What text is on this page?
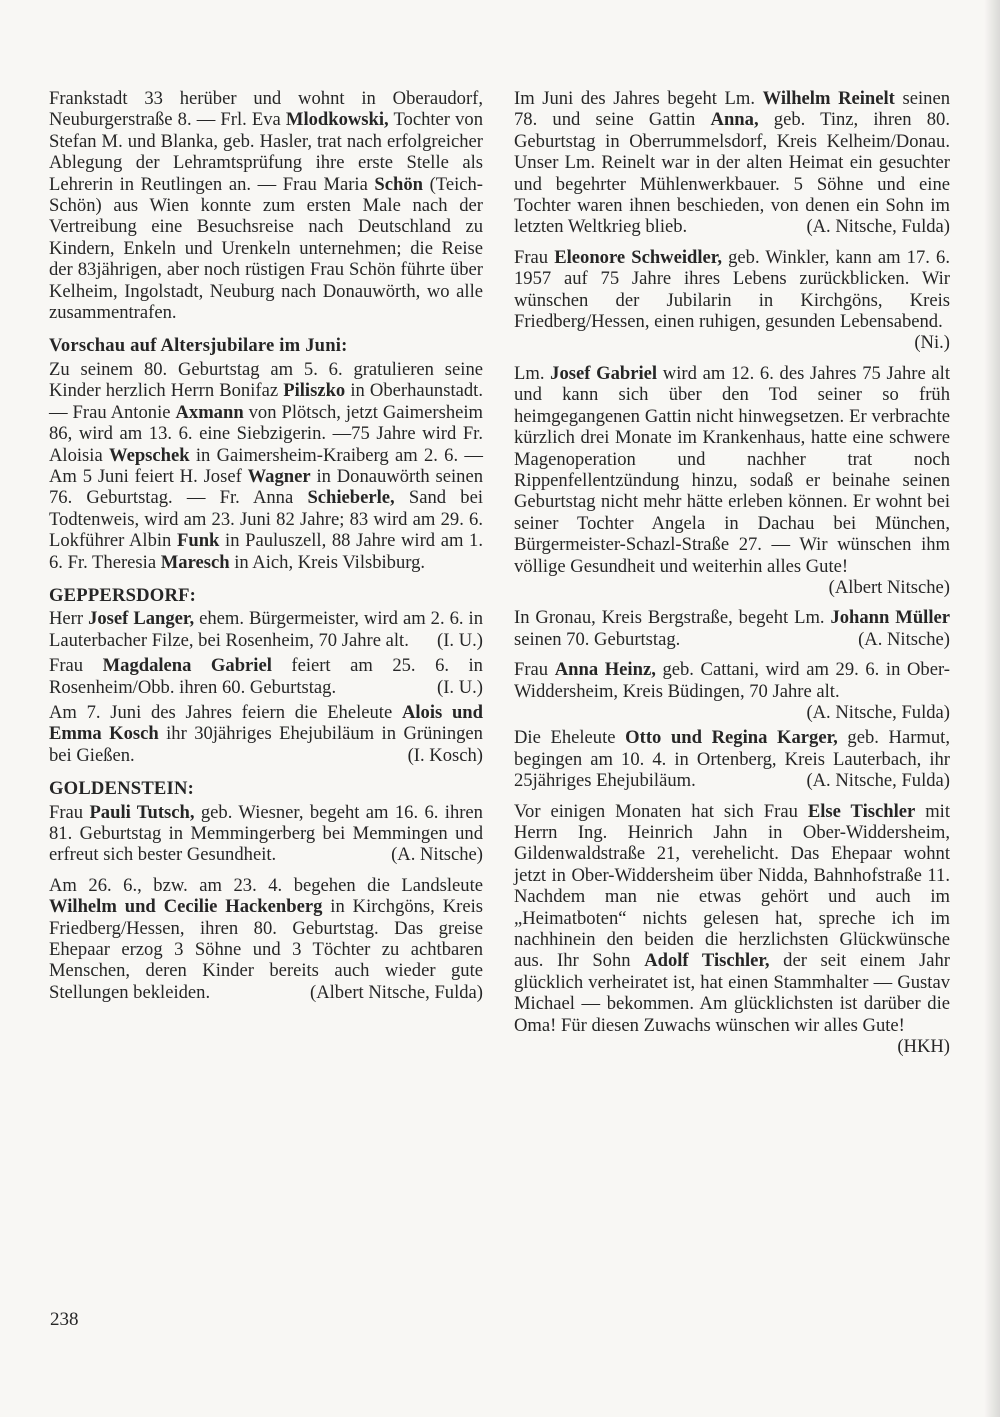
Frankstadt 33 herüber und wohnt in Oberaudorf, Neuburgerstraße 8. — Frl. Eva Mlodkowski, Tochter von Stefan M. und Blanka, geb. Hasler, trat nach erfolgreicher Ablegung der Lehramtsprüfung ihre erste Stelle als Lehrerin in Reutlingen an. — Frau Maria Schön (Teich-Schön) aus Wien konnte zum ersten Male nach der Vertreibung eine Besuchsreise nach Deutschland zu Kindern, Enkeln und Urenkeln unternehmen; die Reise der 83jährigen, aber noch rüstigen Frau Schön führte über Kelheim, Ingolstadt, Neuburg nach Donauwörth, wo alle zusammentrafen.

Vorschau auf Altersjubilare im Juni:

Zu seinem 80. Geburtstag am 5. 6. gratulieren seine Kinder herzlich Herrn Bonifaz Piliszko in Oberhaunstadt. — Frau Antonie Axmann von Plötsch, jetzt Gaimersheim 86, wird am 13. 6. eine Siebzigerin. —75 Jahre wird Fr. Aloisia Wepschek in Gaimersheim-Kraiberg am 2. 6. — Am 5 Juni feiert H. Josef Wagner in Donauwörth seinen 76. Geburtstag. — Fr. Anna Schieberle, Sand bei Todtenweis, wird am 23. Juni 82 Jahre; 83 wird am 29. 6. Lokführer Albin Funk in Pauluszell, 88 Jahre wird am 1. 6. Fr. Theresia Maresch in Aich, Kreis Vilsbiburg.

GEPPERSDORF:

Herr Josef Langer, ehem. Bürgermeister, wird am 2. 6. in Lauterbacher Filze, bei Rosenheim, 70 Jahre alt. (I. U.)

Frau Magdalena Gabriel feiert am 25. 6. in Rosenheim/Obb. ihren 60. Geburtstag.	(I. U.)

Am 7. Juni des Jahres feiern die Eheleute Alois und Emma Kosch ihr 30jähriges Ehejubiläum in Grüningen bei Gießen.	(I. Kosch)

GOLDENSTEIN:

Frau Pauli Tutsch, geb. Wiesner, begeht am 16. 6. ihren 81. Geburtstag in Memmingerberg bei Memmingen und erfreut sich bester Gesundheit.	(A. Nitsche)

Am 26. 6., bzw. am 23. 4. begehen die Landsleute Wilhelm und Cecilie Hackenberg in Kirchgöns, Kreis Friedberg/Hessen, ihren 80. Geburtstag. Das greise Ehepaar erzog 3 Söhne und 3 Töchter zu achtbaren Menschen, deren Kinder bereits auch wieder gute Stellungen bekleiden.	(Albert Nitsche, Fulda)

Im Juni des Jahres begeht Lm. Wilhelm Reinelt seinen 78. und seine Gattin Anna, geb. Tinz, ihren 80. Geburtstag in Oberrummelsdorf, Kreis Kelheim/Donau. Unser Lm. Reinelt war in der alten Heimat ein gesuchter und begehrter Mühlenwerkbauer. 5 Söhne und eine Tochter waren ihnen beschieden, von denen ein Sohn im letzten Weltkrieg blieb.	(A. Nitsche, Fulda)

Frau Eleonore Schweidler, geb. Winkler, kann am 17. 6. 1957 auf 75 Jahre ihres Lebens zurückblicken. Wir wünschen der Jubilarin in Kirchgöns, Kreis Friedberg/Hessen, einen ruhigen, gesunden Lebensabend.
(Ni.)

Lm. Josef Gabriel wird am 12. 6. des Jahres 75 Jahre alt und kann sich über den Tod seiner so früh heimgegangenen Gattin nicht hinwegsetzen. Er verbrachte kürzlich drei Monate im Krankenhaus, hatte eine schwere Magenoperation und nachher trat noch Rippenfellentzündung hinzu, sodaß er beinahe seinen Geburtstag nicht mehr hätte erleben können. Er wohnt bei seiner Tochter Angela in Dachau bei München, Bürgermeister-Schazl-Straße 27. — Wir wünschen ihm völlige Gesundheit und weiterhin alles Gute!
(Albert Nitsche)

In Gronau, Kreis Bergstraße, begeht Lm. Johann Müller seinen 70. Geburtstag.	(A. Nitsche)

Frau Anna Heinz, geb. Cattani, wird am 29. 6. in Ober-Widdersheim, Kreis Büdingen, 70 Jahre alt.
(A. Nitsche, Fulda)

Die Eheleute Otto und Regina Karger, geb. Harmut, begingen am 10. 4. in Ortenberg, Kreis Lauterbach, ihr 25jähriges Ehejubiläum.	(A. Nitsche, Fulda)

Vor einigen Monaten hat sich Frau Else Tischler mit Herrn Ing. Heinrich Jahn in Ober-Widdersheim, Gildenwaldstraße 21, verehelicht. Das Ehepaar wohnt jetzt in Ober-Widdersheim über Nidda, Bahnhofstraße 11. Nachdem man nie etwas gehört und auch im „Heimatboten“ nichts gelesen hat, spreche ich im nachhinein den beiden die herzlichsten Glückwünsche aus. Ihr Sohn Adolf Tischler, der seit einem Jahr glücklich verheiratet ist, hat einen Stammhalter — Gustav Michael — bekommen. Am glücklichsten ist darüber die Oma! Für diesen Zuwachs wünschen wir alles Gute!
(HKH)

238
